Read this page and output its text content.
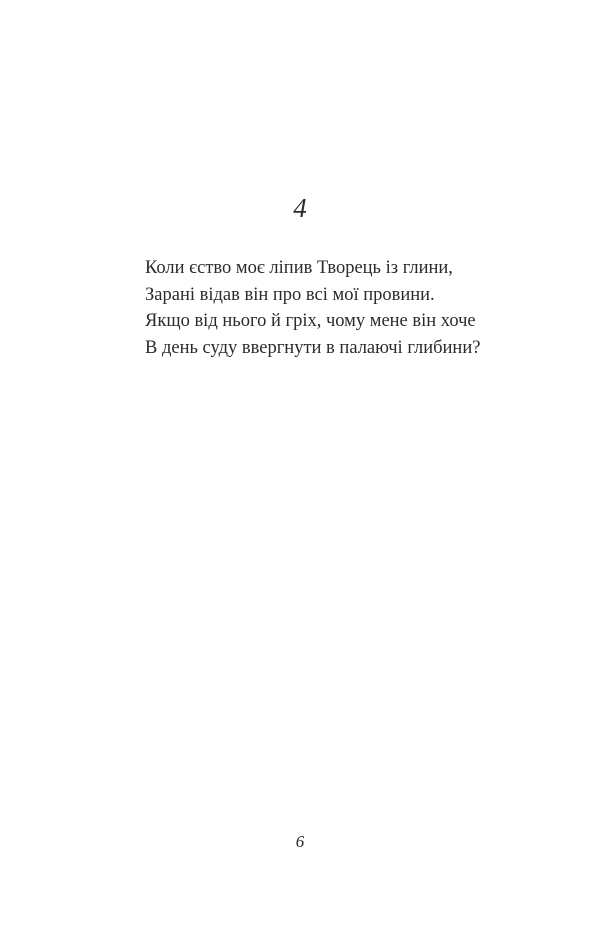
4
Коли єство моє ліпив Творець із глини,
Зарані відав він про всі мої провини.
Якщо від нього й гріх, чому мене він хоче
В день суду ввергнути в палаючі глибини?
6
